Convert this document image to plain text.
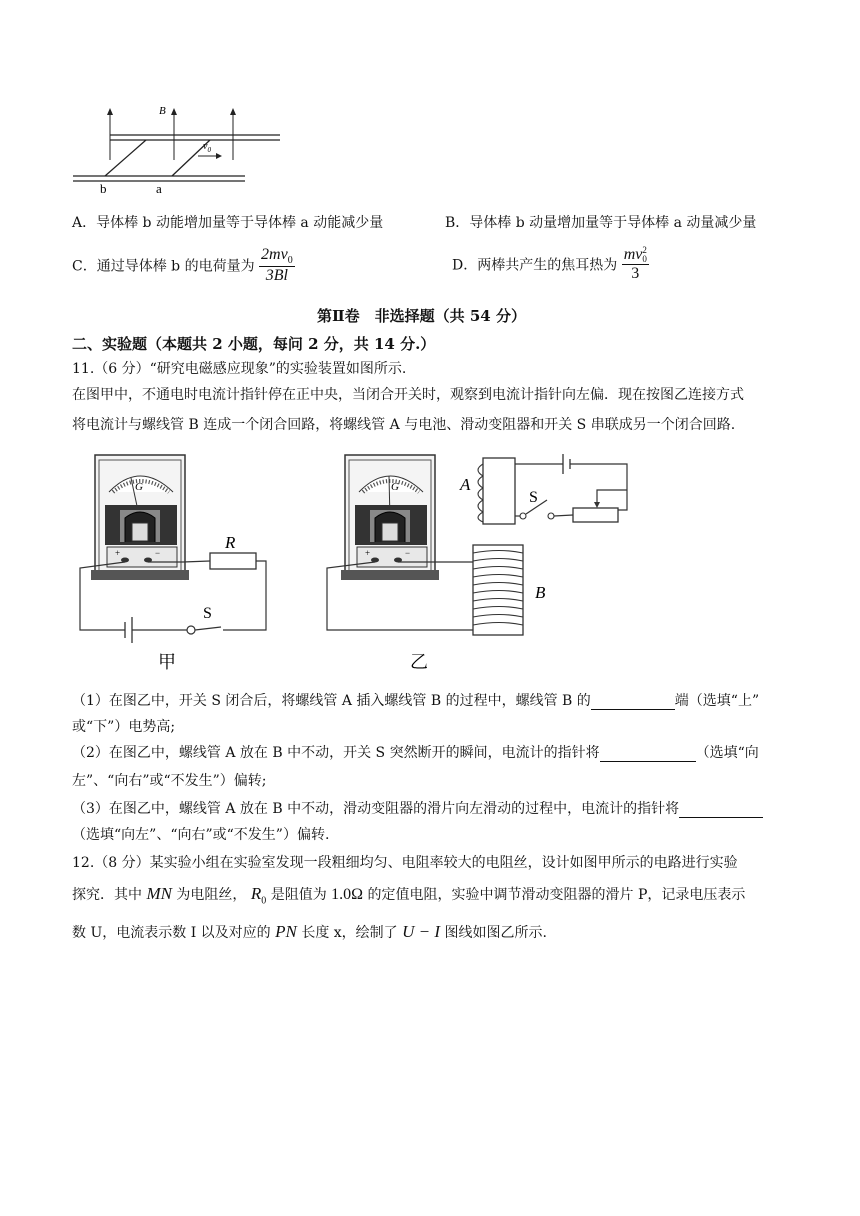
B
$v_0$
b	a
A．导体棒 b 动能增加量等于导体棒 a 动能减少量	B．导体棒 b 动量增加量等于导体棒 a 动量减少量
C．通过导体棒 b 的电荷量为 $\frac{2mv_0}{3Bl}$	D．两棒共产生的焦耳热为 mv 2
0
3
第Ⅱ卷　非选择题（共 54 分）
二、实验题（本题共 2 小题，每问 2 分，共 14 分.）
11.（6 分）“研究电磁感应现象”的实验装置如图所示.
在图甲中，不通电时电流计指针停在正中央，当闭合开关时，观察到电流计指针向左偏．现在按图乙连接方式
将电流计与螺线管 B 连成一个闭合回路，将螺线管 A 与电池、滑动变阻器和开关 S 串联成另一个闭合回路.
G
+	−
R
S
甲
G
+	−
B
A
S
乙
（1）在图乙中，开关 S 闭合后，将螺线管 A 插入螺线管 B 的过程中，螺线管 B 的	端（选填“上”
或“下”）电势高;
（2）在图乙中，螺线管 A 放在 B 中不动，开关 S 突然断开的瞬间，电流计的指针将	（选填“向
左”、“向右”或“不发生”）偏转;
（3）在图乙中，螺线管 A 放在 B 中不动，滑动变阻器的滑片向左滑动的过程中，电流计的指针将
（选填“向左”、“向右”或“不发生”）偏转.
12.（8 分）某实验小组在实验室发现一段粗细均匀、电阻率较大的电阻丝，设计如图甲所示的电路进行实验
探究．其中 MN 为电阻丝， $R_0$ 是阻值为 1.0Ω 的定值电阻，实验中调节滑动变阻器的滑片 P，记录电压表示
数 U，电流表示数 I 以及对应的 PN 长度 x，绘制了 U − I 图线如图乙所示.
